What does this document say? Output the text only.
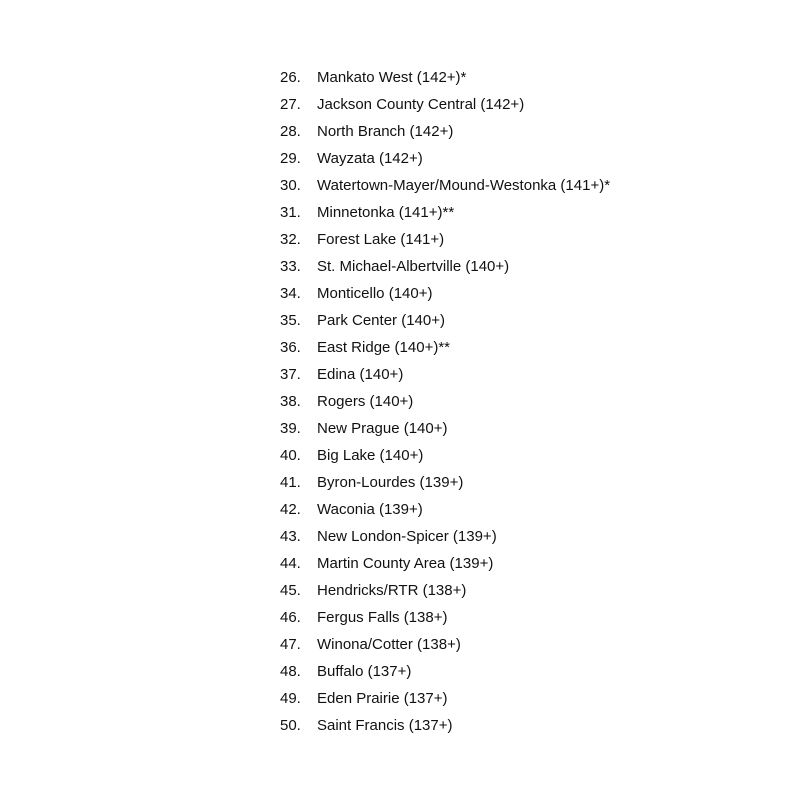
26.	Mankato West (142+)*
27.	Jackson County Central (142+)
28.	North Branch (142+)
29.	Wayzata (142+)
30.	Watertown-Mayer/Mound-Westonka (141+)*
31.	Minnetonka (141+)**
32.	Forest Lake (141+)
33.	St. Michael-Albertville (140+)
34.	Monticello (140+)
35.	Park Center (140+)
36.	East Ridge (140+)**
37.	Edina (140+)
38.	Rogers (140+)
39.	New Prague (140+)
40.	Big Lake (140+)
41.	Byron-Lourdes (139+)
42.	Waconia (139+)
43.	New London-Spicer (139+)
44.	Martin County Area (139+)
45.	Hendricks/RTR (138+)
46.	Fergus Falls (138+)
47.	Winona/Cotter (138+)
48.	Buffalo (137+)
49.	Eden Prairie (137+)
50.	Saint Francis (137+)
